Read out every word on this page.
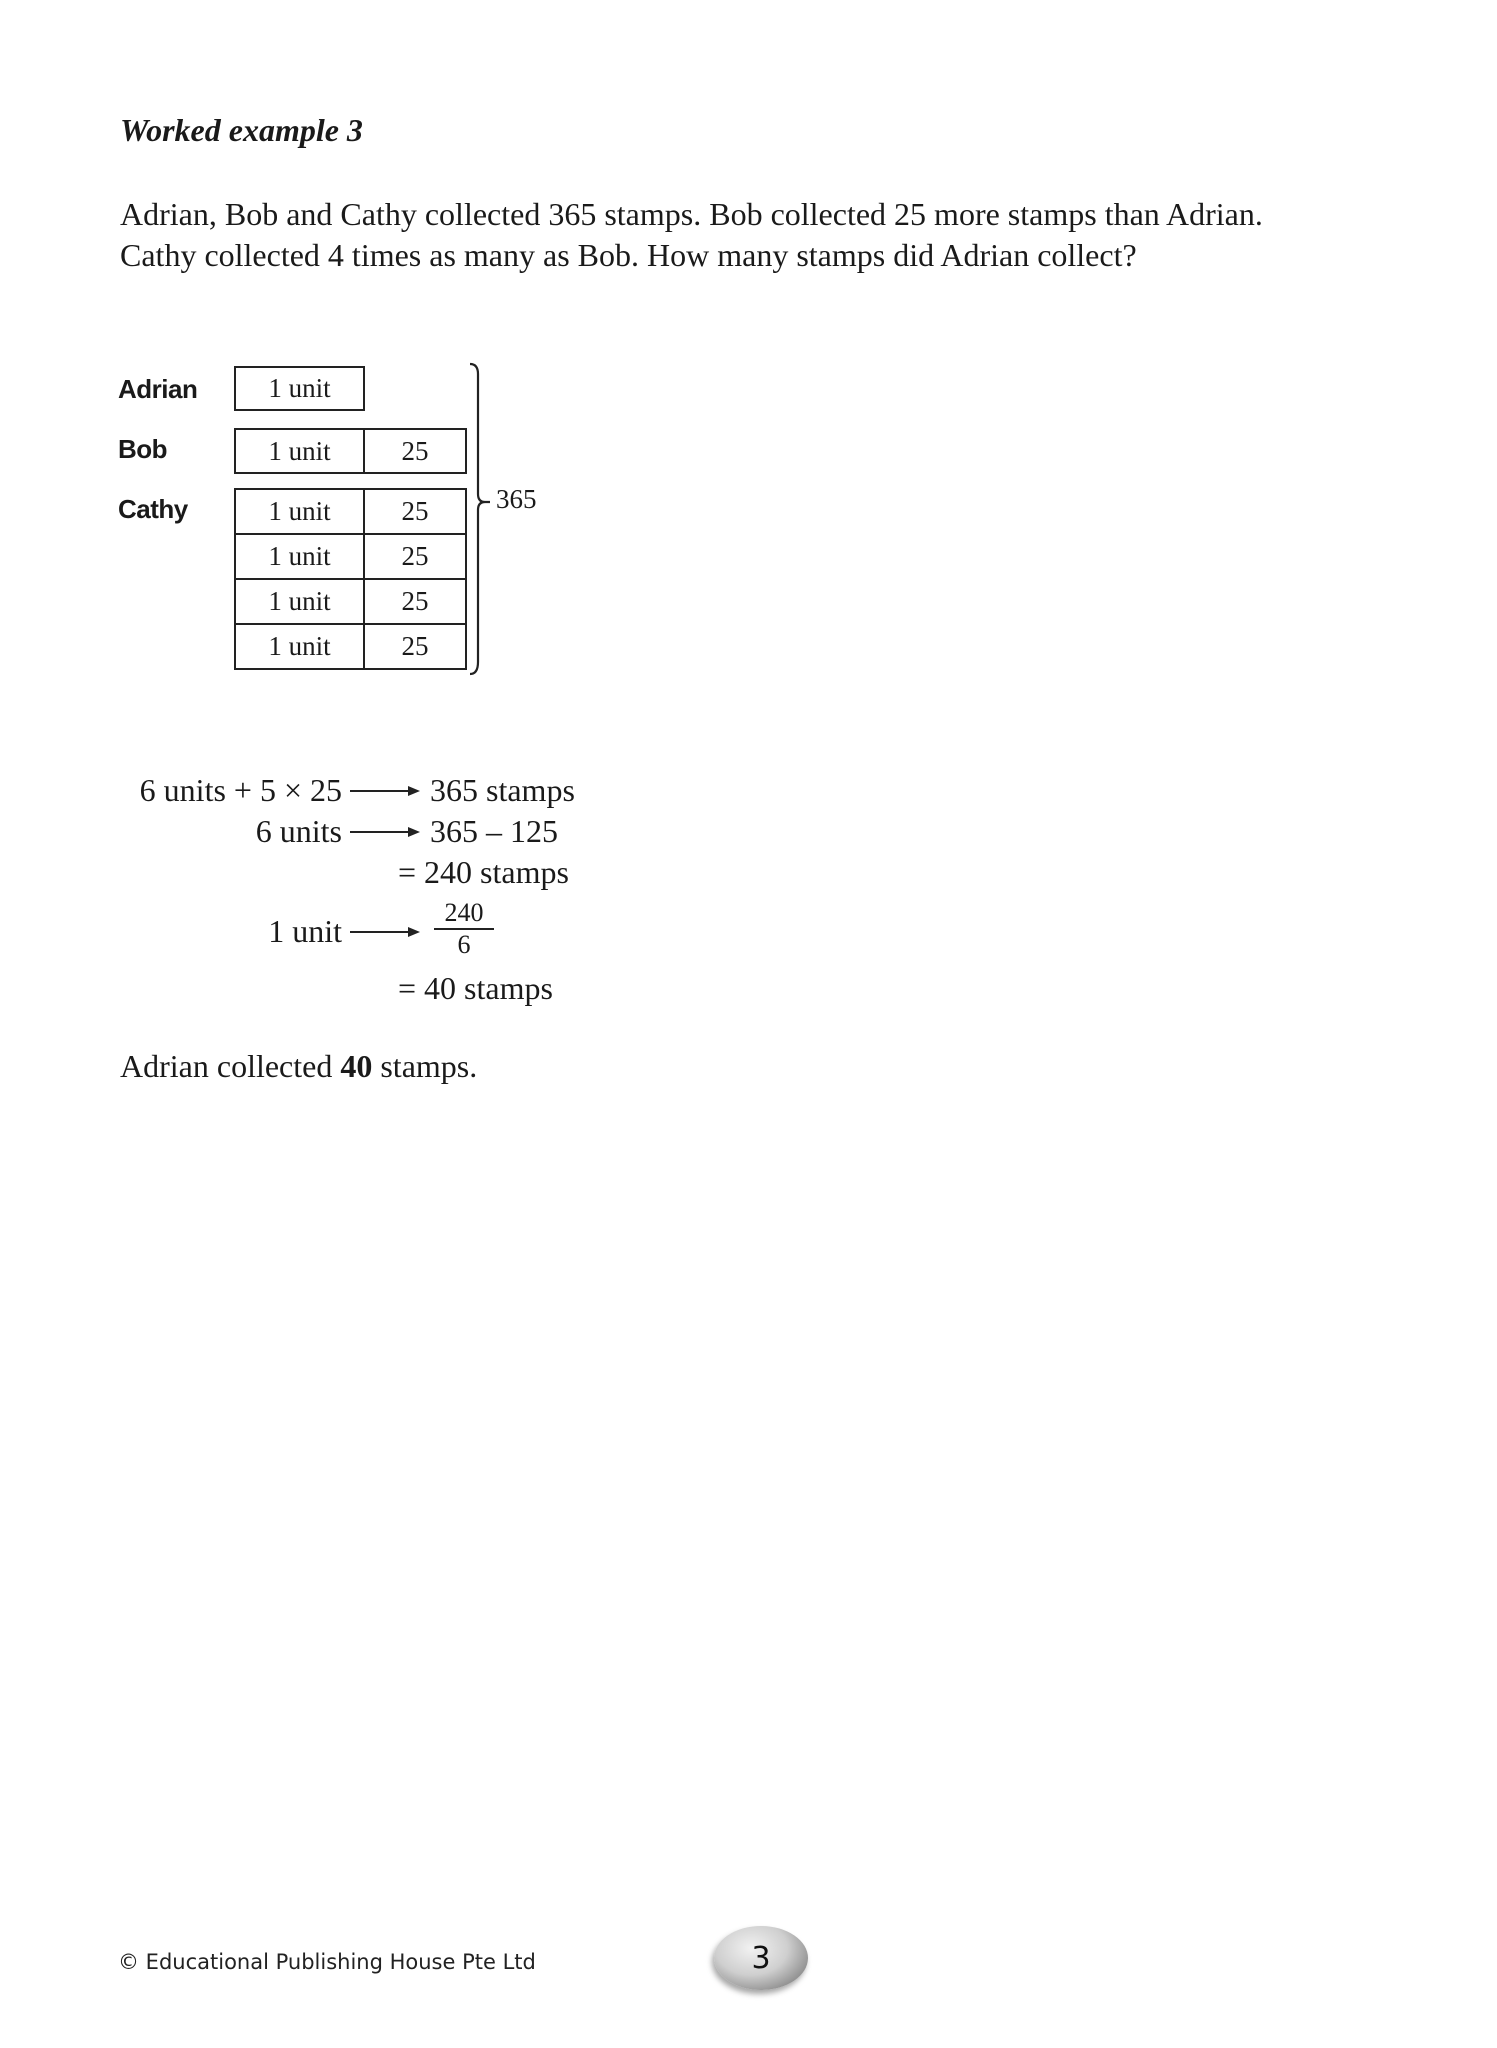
Worked example 3
Adrian, Bob and Cathy collected 365 stamps. Bob collected 25 more stamps than Adrian.
Cathy collected 4 times as many as Bob. How many stamps did Adrian collect?
Adrian
Bob
Cathy
1 unit
1 unit	25
1 unit	25
1 unit	25
1 unit	25
1 unit	25
365
6 units + 5 × 25	365 stamps
6 units	365 – 125
= 240 stamps
1 unit
240
6
= 40 stamps
Adrian collected 40 stamps.
© Educational Publishing House Pte Ltd	3
